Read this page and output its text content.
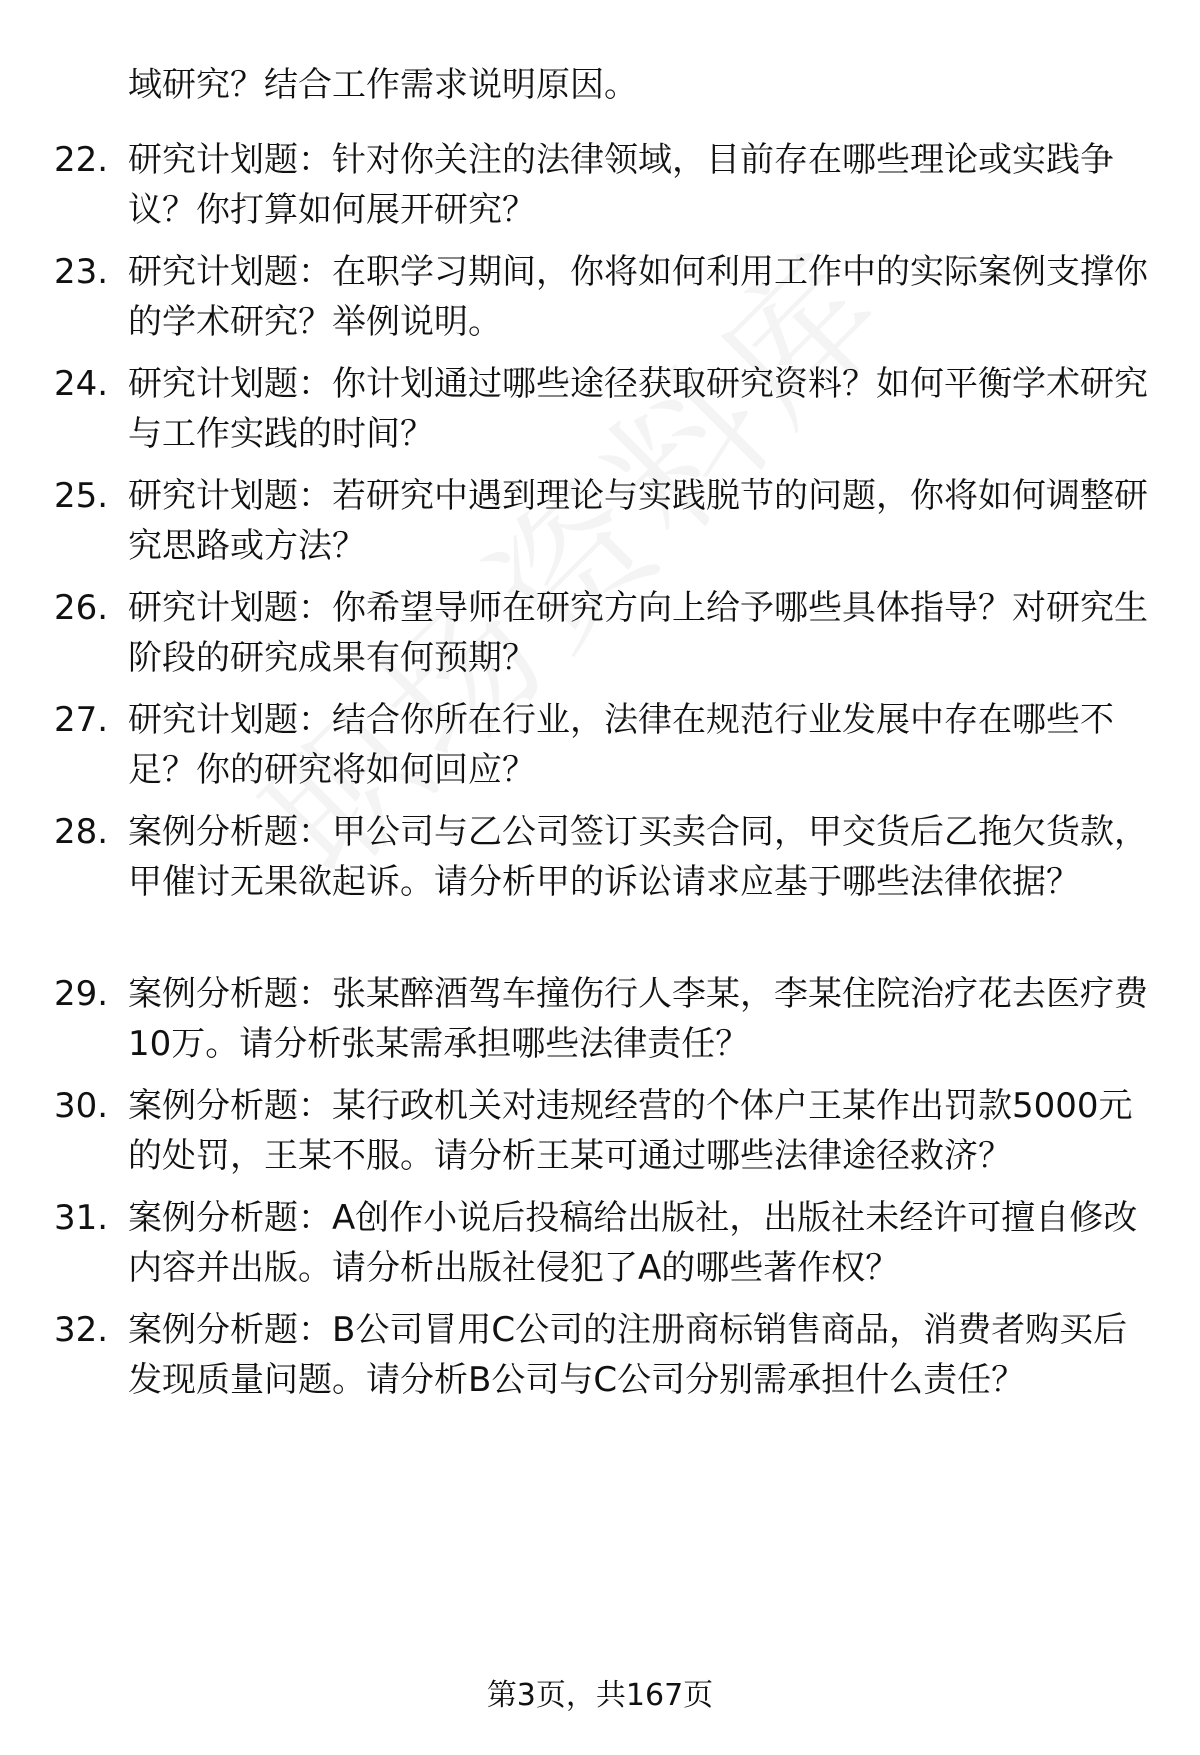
域研究？结合工作需求说明原因。
22. 研究计划题：针对你关注的法律领域，目前存在哪些理论或实践争议？你打算如何展开研究？
23. 研究计划题：在职学习期间，你将如何利用工作中的实际案例支撑你的学术研究？举例说明。
24. 研究计划题：你计划通过哪些途径获取研究资料？如何平衡学术研究与工作实践的时间？
25. 研究计划题：若研究中遇到理论与实践脱节的问题，你将如何调整研究思路或方法？
26. 研究计划题：你希望导师在研究方向上给予哪些具体指导？对研究生阶段的研究成果有何预期？
27. 研究计划题：结合你所在行业，法律在规范行业发展中存在哪些不足？你的研究将如何回应？
28. 案例分析题：甲公司与乙公司签订买卖合同，甲交货后乙拖欠货款，甲催讨无果欲起诉。请分析甲的诉讼请求应基于哪些法律依据？
29. 案例分析题：张某醉酒驾车撞伤行人李某，李某住院治疗花去医疗费10万。请分析张某需承担哪些法律责任？
30. 案例分析题：某行政机关对违规经营的个体户王某作出罚款5000元的处罚，王某不服。请分析王某可通过哪些法律途径救济？
31. 案例分析题：A创作小说后投稿给出版社，出版社未经许可擅自修改内容并出版。请分析出版社侵犯了A的哪些著作权？
32. 案例分析题：B公司冒用C公司的注册商标销售商品，消费者购买后发现质量问题。请分析B公司与C公司分别需承担什么责任？
第3页，共167页
